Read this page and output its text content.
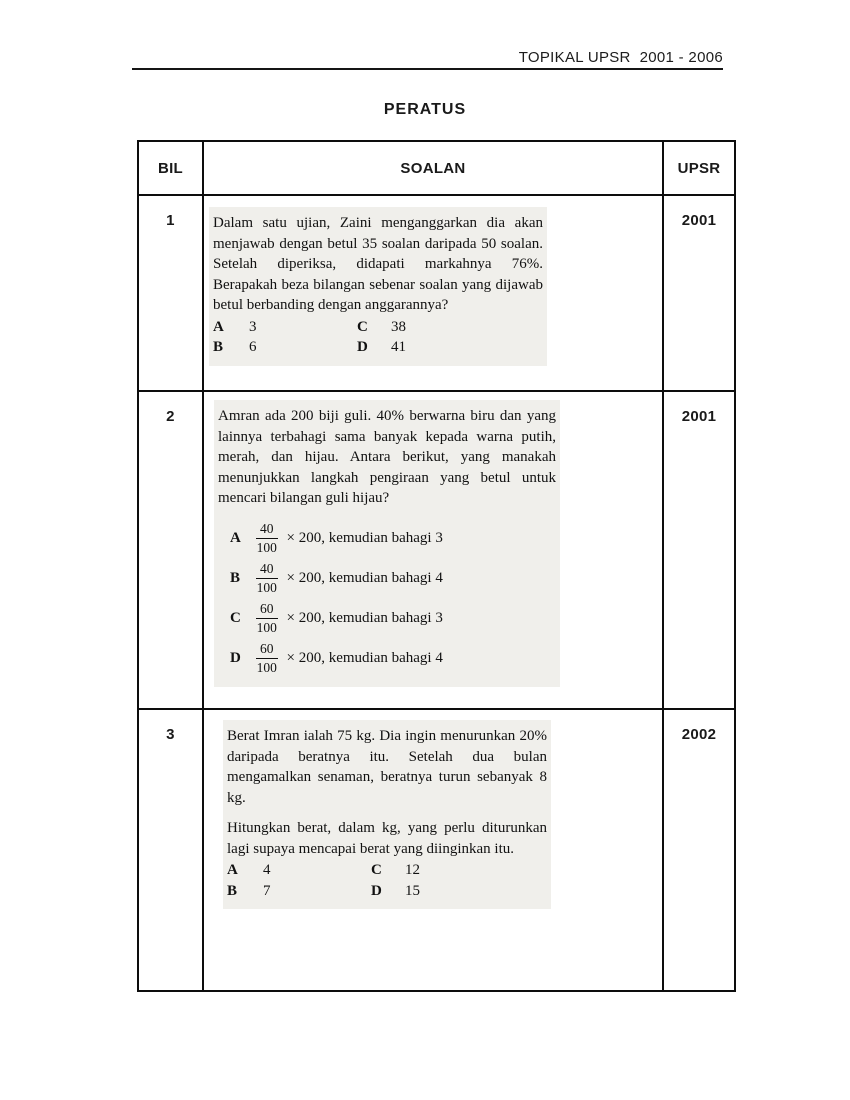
TOPIKAL UPSR  2001 - 2006
PERATUS
BIL	SOALAN	UPSR
1	Dalam satu ujian, Zaini menganggarkan dia akan menjawab dengan betul 35 soalan daripada 50 soalan. Setelah diperiksa, didapati markahnya 76%. Berapakah beza bilangan sebenar soalan yang dijawab betul berbanding dengan anggarannya?
A	3	C	38
B	6	D	41
	2001
2	Amran ada 200 biji guli. 40% berwarna biru dan yang lainnya terbahagi sama banyak kepada warna putih, merah, dan hijau. Antara berikut, yang manakah menunjukkan langkah pengiraan yang betul untuk mencari bilangan guli hijau?
A	$\frac{40}{100} \times 200$, kemudian bahagi 3
B	$\frac{40}{100} \times 200$, kemudian bahagi 4
C	$\frac{60}{100} \times 200$, kemudian bahagi 3
D	$\frac{60}{100} \times 200$, kemudian bahagi 4
	2001
3	Berat Imran ialah 75 kg. Dia ingin menurunkan 20% daripada beratnya itu. Setelah dua bulan mengamalkan senaman, beratnya turun sebanyak 8 kg.
Hitungkan berat, dalam kg, yang perlu diturunkan lagi supaya mencapai berat yang diinginkan itu.
A	4	C	12
B	7	D	15
	2002
